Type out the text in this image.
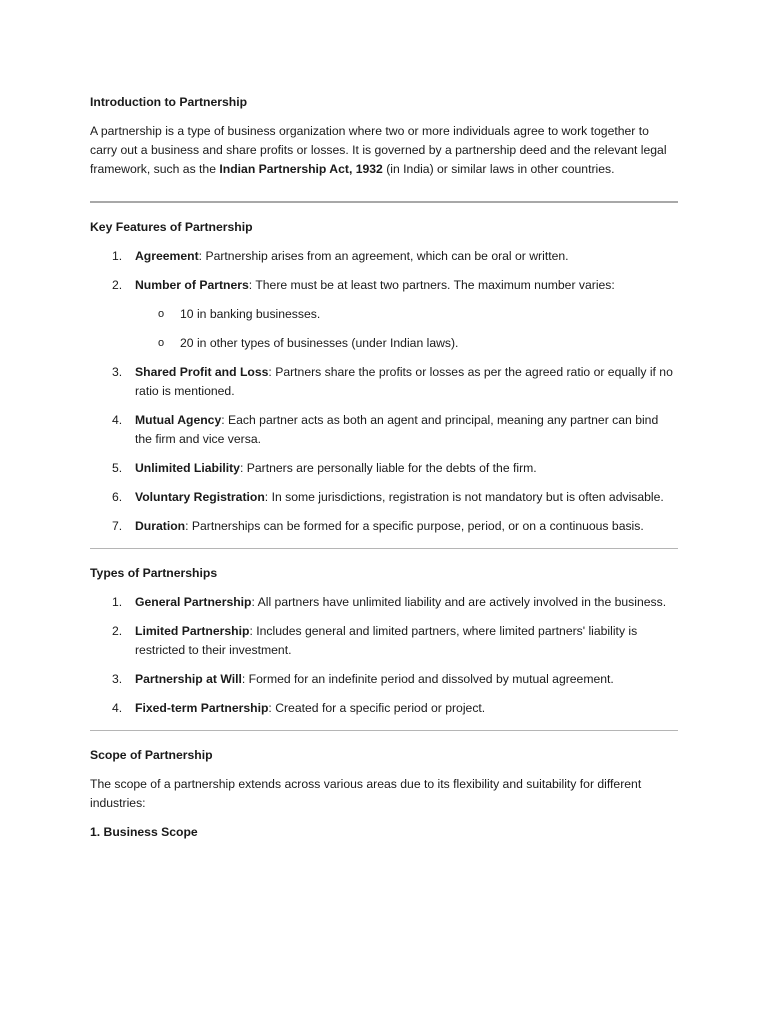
Introduction to Partnership

A partnership is a type of business organization where two or more individuals agree to work together to carry out a business and share profits or losses. It is governed by a partnership deed and the relevant legal framework, such as the Indian Partnership Act, 1932 (in India) or similar laws in other countries.

Key Features of Partnership
1. Agreement: Partnership arises from an agreement, which can be oral or written.
2. Number of Partners: There must be at least two partners. The maximum number varies:
o 10 in banking businesses.
o 20 in other types of businesses (under Indian laws).
3. Shared Profit and Loss: Partners share the profits or losses as per the agreed ratio or equally if no ratio is mentioned.
4. Mutual Agency: Each partner acts as both an agent and principal, meaning any partner can bind the firm and vice versa.
5. Unlimited Liability: Partners are personally liable for the debts of the firm.
6. Voluntary Registration: In some jurisdictions, registration is not mandatory but is often advisable.
7. Duration: Partnerships can be formed for a specific purpose, period, or on a continuous basis.
Types of Partnerships
1. General Partnership: All partners have unlimited liability and are actively involved in the business.
2. Limited Partnership: Includes general and limited partners, where limited partners' liability is restricted to their investment.
3. Partnership at Will: Formed for an indefinite period and dissolved by mutual agreement.
4. Fixed-term Partnership: Created for a specific period or project.
Scope of Partnership

The scope of a partnership extends across various areas due to its flexibility and suitability for different industries:

1. Business Scope
